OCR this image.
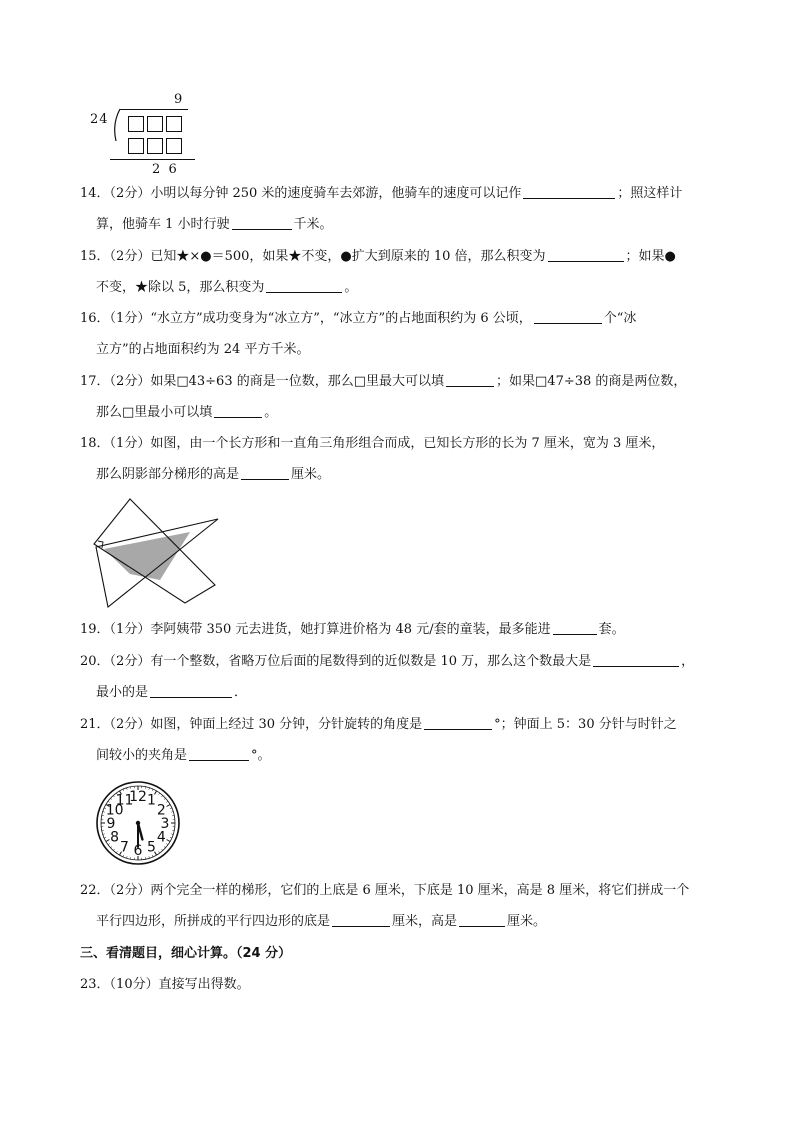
9
24
2  6

14．（2分）小明以每分钟 250 米的速度骑车去郊游，他骑车的速度可以记作	；照这样计

算，他骑车 1 小时行驶	千米。

15．（2分）已知★×●＝500，如果★不变，●扩大到原来的 10 倍，那么积变为	；如果●

不变，★除以 5，那么积变为	。

16．（1分）“水立方”成功变身为“冰立方”，“冰立方”的占地面积约为 6 公顷，	个“冰

立方”的占地面积约为 24 平方千米。

17．（2分）如果□43÷63 的商是一位数，那么□里最大可以填	；如果□47÷38 的商是两位数，

那么□里最小可以填	。

18．（1分）如图，由一个长方形和一直角三角形组合而成，已知长方形的长为 7 厘米，宽为 3 厘米，

那么阴影部分梯形的高是	厘米。

19．（1分）李阿姨带 350 元去进货，她打算进价格为 48 元/套的童装，最多能进	套。

20．（2分）有一个整数，省略万位后面的尾数得到的近似数是 10 万，那么这个数最大是	，

最小的是	．

21．（2分）如图，钟面上经过 30 分钟，分针旋转的角度是	°；钟面上 5：30 分针与时针之

间较小的夹角是	°。

12 1
2
3
4
5
6
7
8
9
10
11

22．（2分）两个完全一样的梯形，它们的上底是 6 厘米，下底是 10 厘米，高是 8 厘米，将它们拼成一个

平行四边形，所拼成的平行四边形的底是	厘米，高是	厘米。

三、看清题目，细心计算。（24 分）

23．（10分）直接写出得数。
